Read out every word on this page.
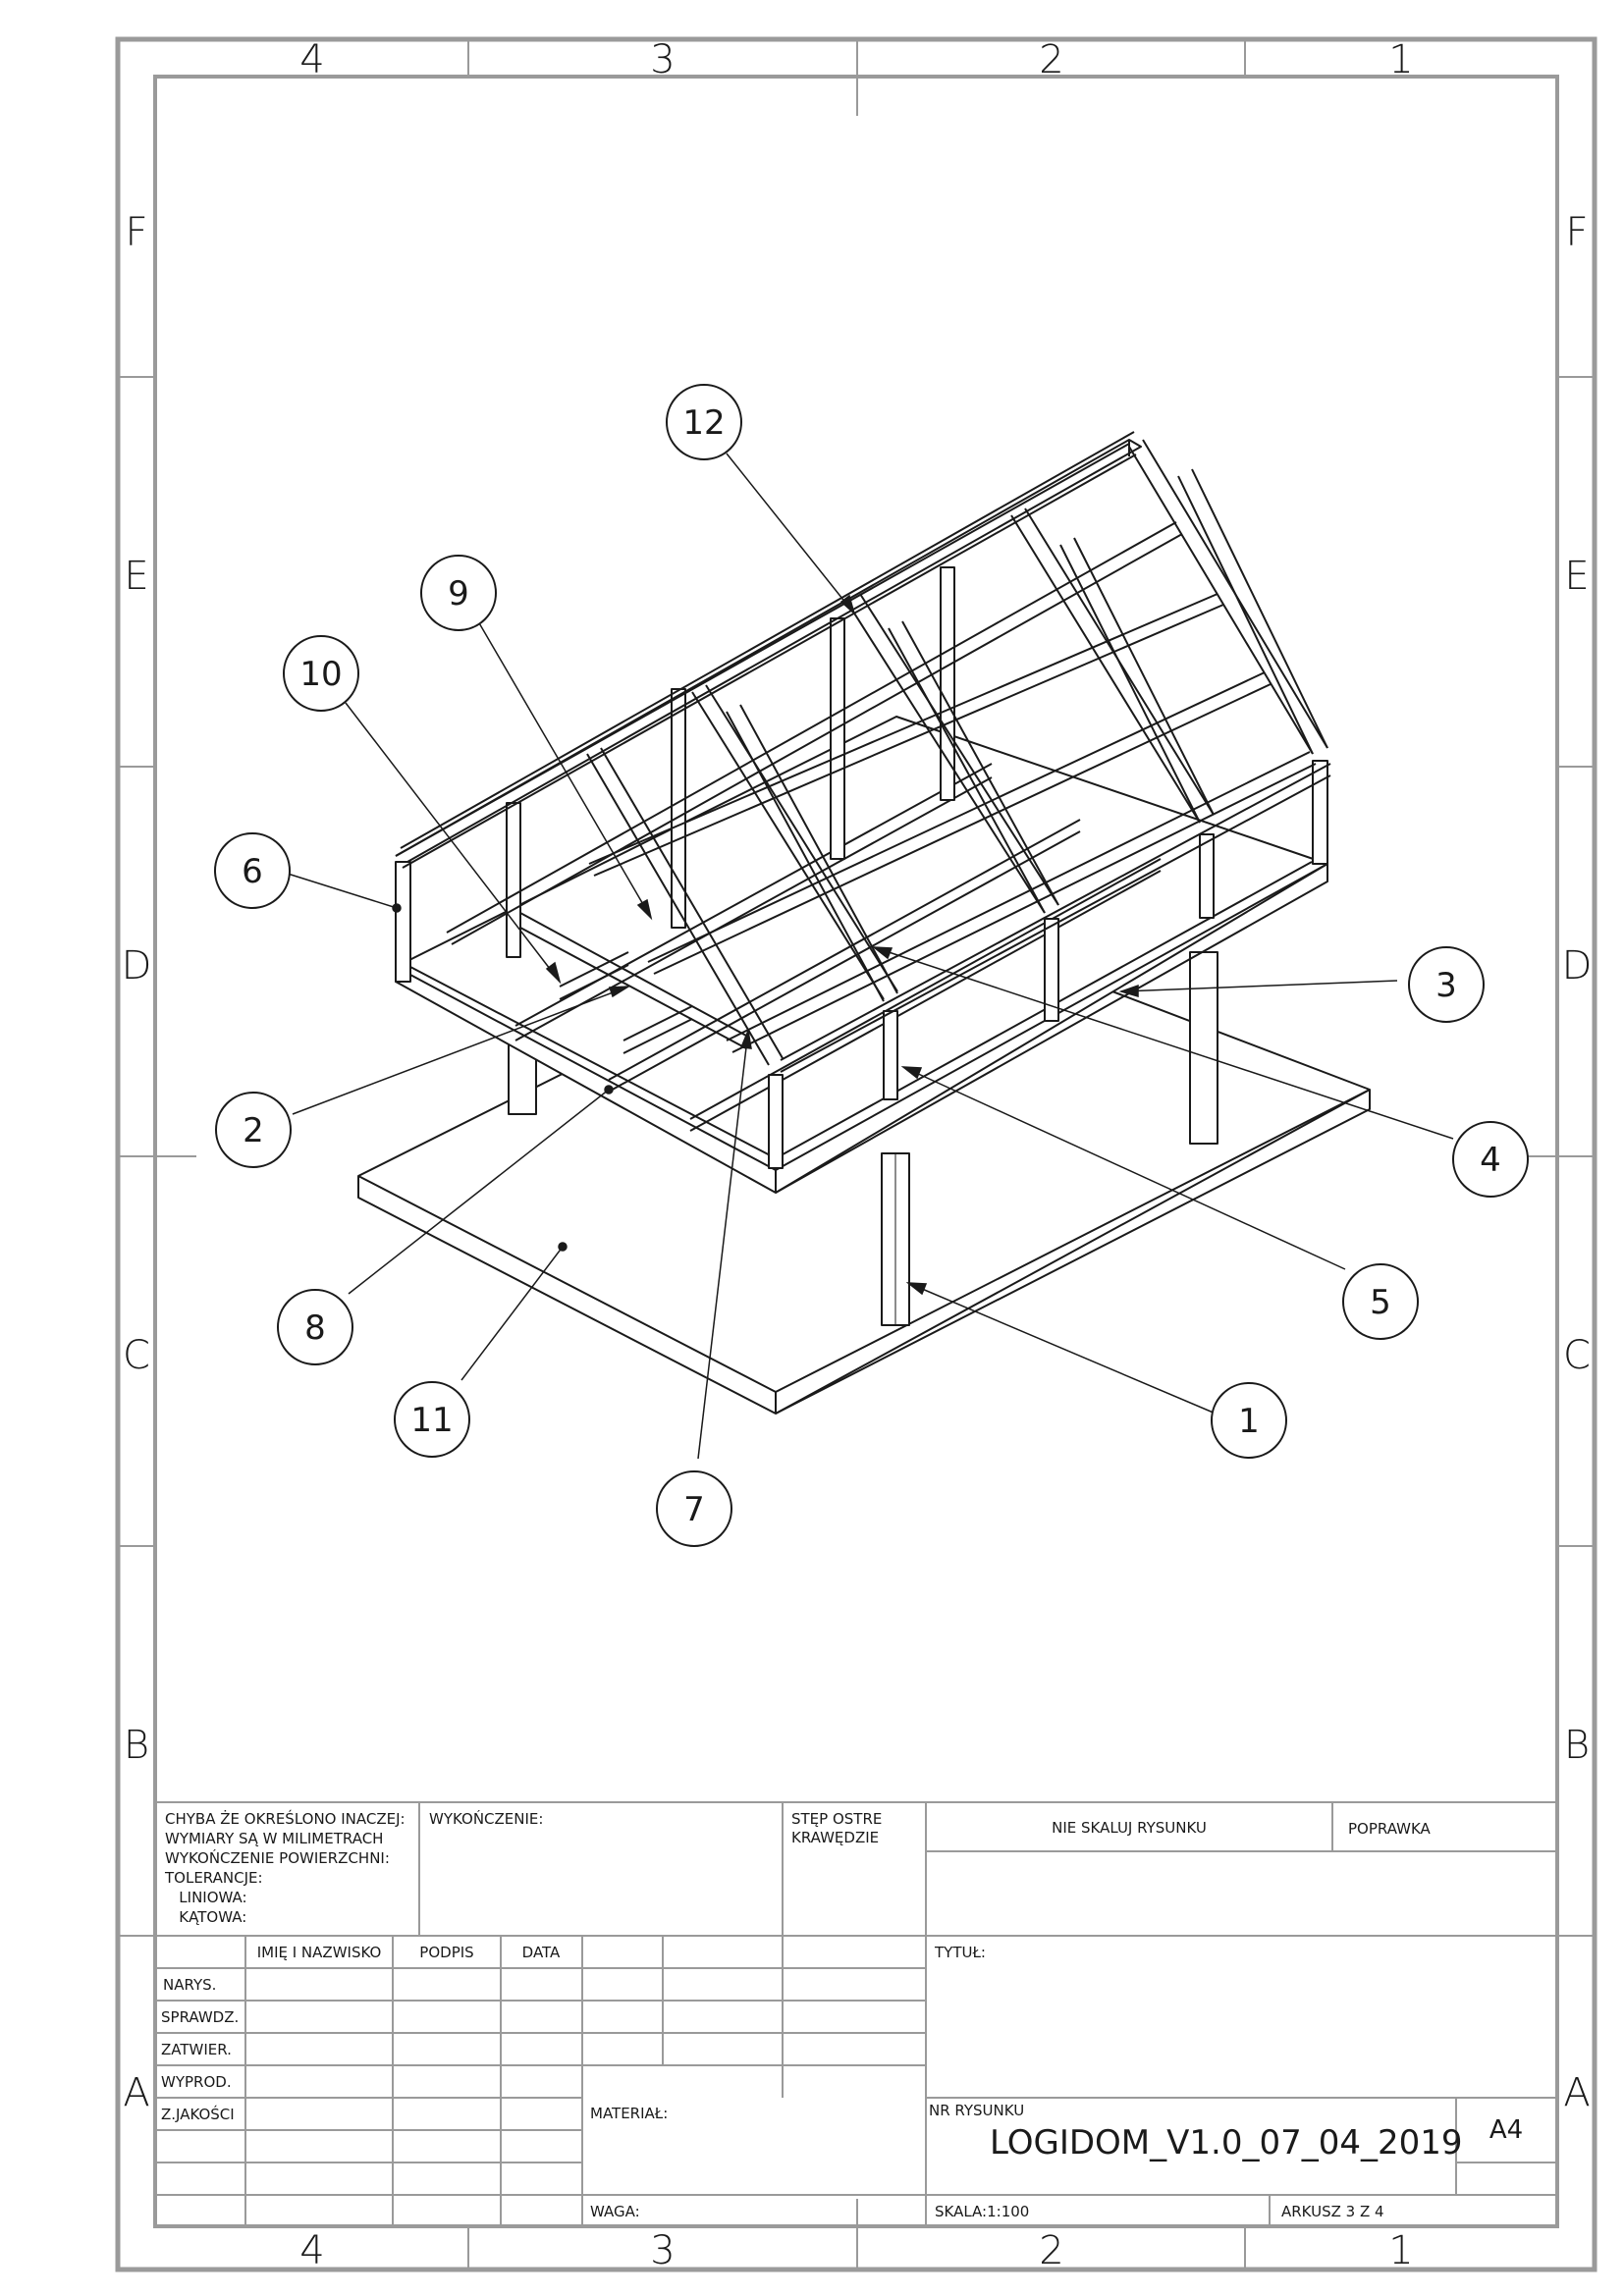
4	3	2	1
4	3	2	1
F
E
D
C
B
A
F
E
D
C
B
A
1
2
3
4
5
6
7
8
9
10
11
12
CHYBA ŻE OKREŚLONO INACZEJ:
WYMIARY SĄ W MILIMETRACH
WYKOŃCZENIE POWIERZCHNI:
TOLERANCJE:
LINIOWA:
KĄTOWA:
WYKOŃCZENIE:	STĘP OSTRE
KRAWĘDZIE
NIE SKALUJ RYSUNKU	POPRAWKA
IMIĘ I NAZWISKO	PODPIS	DATA
NARYS.
SPRAWDZ.
ZATWIER.
WYPROD.
Z.JAKOŚCI
TYTUŁ:
MATERIAŁ:
WAGA:
NR RYSUNKU
LOGIDOM_V1.0_07_04_2019 A4
SKALA:1:100	ARKUSZ 3 Z 4
